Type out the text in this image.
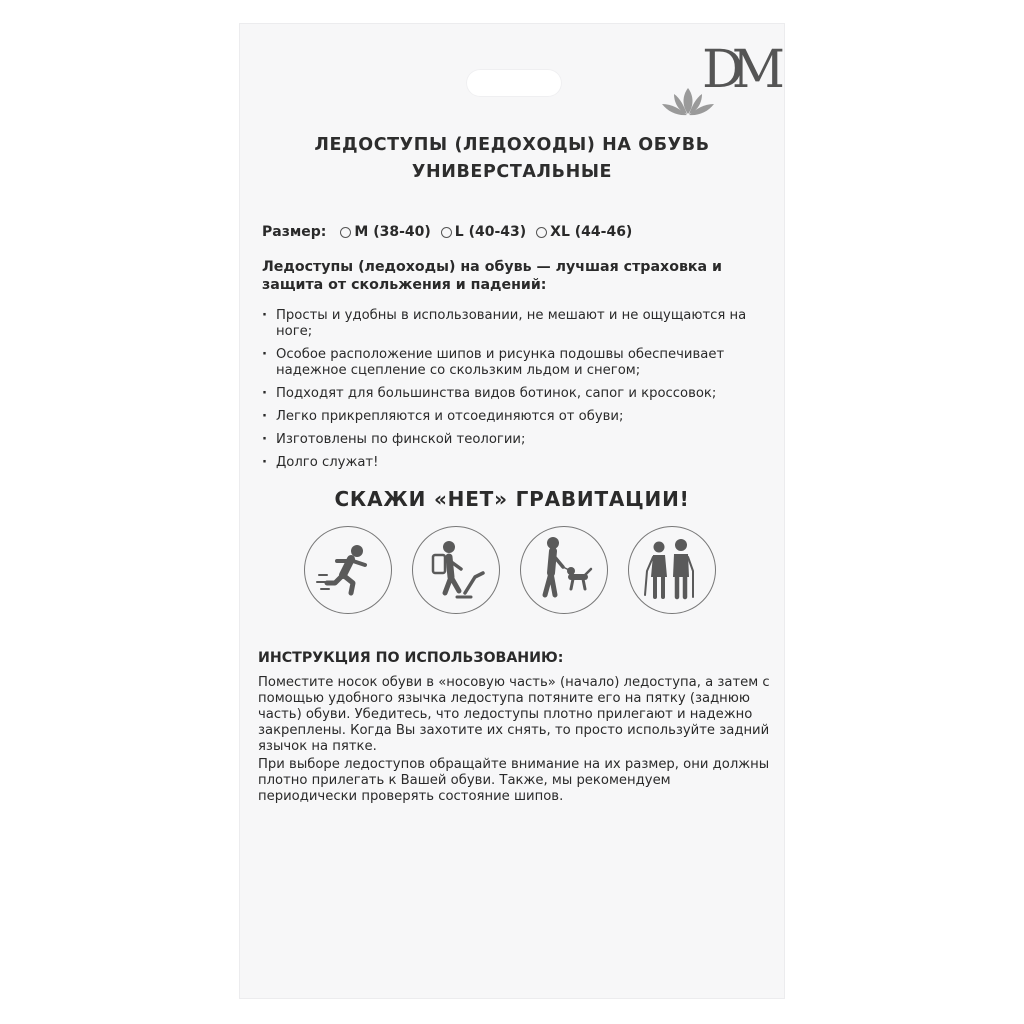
DM
ЛЕДОСТУПЫ (ЛЕДОХОДЫ) НА ОБУВЬ
УНИВЕРСТАЛЬНЫЕ
Размер: M (38-40) L (40-43) XL (44-46)
Ледоступы (ледоходы) на обувь — лучшая страховка и защита от скольжения и падений:
· Просты и удобны в использовании, не мешают и не ощущаются на ноге;
· Особое расположение шипов и рисунка подошвы обеспечивает надежное сцепление со скользким льдом и снегом;
· Подходят для большинства видов ботинок, сапог и кроссовок;
· Легко прикрепляются и отсоединяются от обуви;
· Изготовлены по финской теологии;
· Долго служат!
СКАЖИ «НЕТ» ГРАВИТАЦИИ!
ИНСТРУКЦИЯ ПО ИСПОЛЬЗОВАНИЮ:

Поместите носок обуви в «носовую часть» (начало) ледоступа, а затем с помощью удобного язычка ледоступа потяните его на пятку (заднюю часть) обуви. Убедитесь, что ледоступы плотно прилегают и надежно закреплены. Когда Вы захотите их снять, то просто используйте задний язычок на пятке.

При выборе ледоступов обращайте внимание на их размер, они должны плотно прилегать к Вашей обуви. Также, мы рекомендуем периодически проверять состояние шипов.
